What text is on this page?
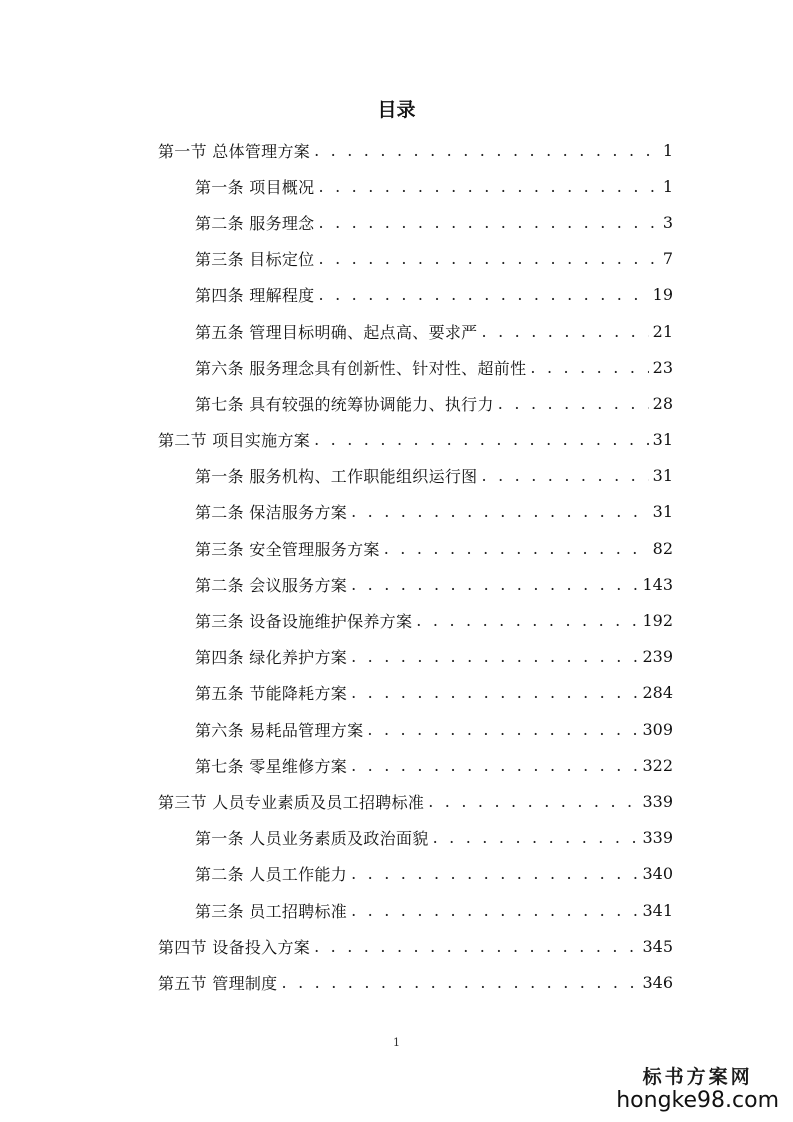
目录
第一节 总体管理方案 . . .	1
第一条 项目概况 . . .	1
第二条 服务理念 . . .	3
第三条 目标定位 . . .	7
第四条 理解程度 . . .	19
第五条 管理目标明确、起点高、要求严 . . .	21
第六条 服务理念具有创新性、针对性、超前性 . . .	23
第七条 具有较强的统筹协调能力、执行力 . . .	28
第二节 项目实施方案 . . .	31
第一条 服务机构、工作职能组织运行图 . . .	31
第二条 保洁服务方案 . . .	31
第三条 安全管理服务方案 . . .	82
第二条 会议服务方案 . . .	143
第三条 设备设施维护保养方案 . . .	192
第四条 绿化养护方案 . . .	239
第五条 节能降耗方案 . . .	284
第六条 易耗品管理方案 . . .	309
第七条 零星维修方案 . . .	322
第三节 人员专业素质及员工招聘标准 . . .	339
第一条 人员业务素质及政治面貌 . . .	339
第二条 人员工作能力 . . .	340
第三条 员工招聘标准 . . .	341
第四节 设备投入方案 . . .	345
第五节 管理制度 . . .	346
1
标书方案网
hongke98.com
